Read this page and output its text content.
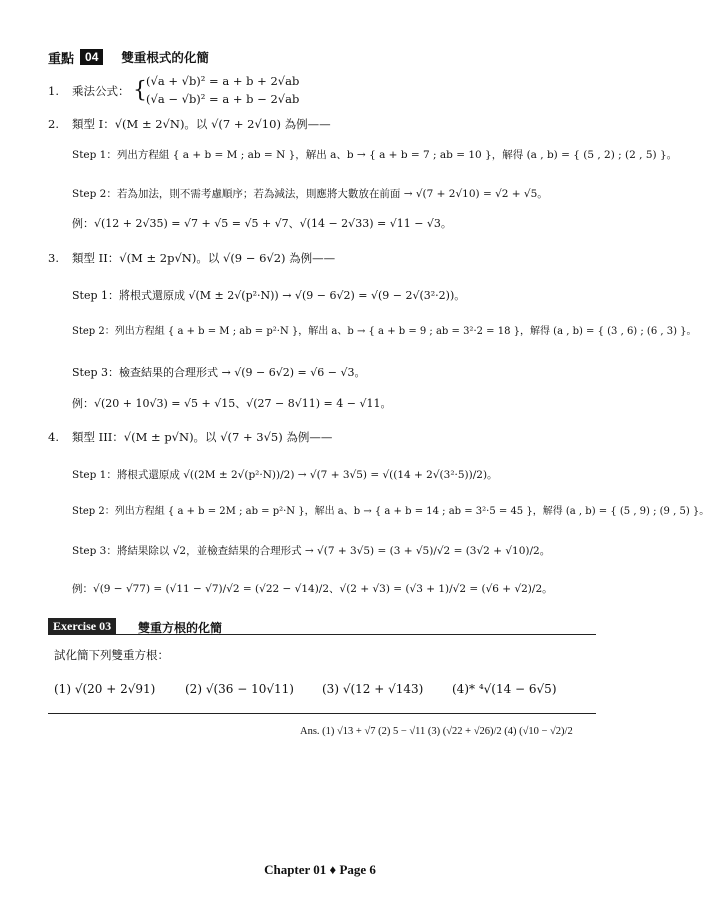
重點 04	雙重根式的化簡
1. 乘法公式： { (√a + √b)² = a + b + 2√ab
(√a − √b)² = a + b − 2√ab
2. 類型 I：√(M ± 2√N)。以 √(7 + 2√10) 為例——
Step 1：列出方程組 { a + b = M ; ab = N }，解出 a、b → { a + b = 7 ; ab = 10 }，解得 (a , b) = { (5 , 2) ; (2 , 5) }。
Step 2：若為加法，則不需考慮順序；若為減法，則應將大數放在前面 → √(7 + 2√10) = √2 + √5。
例：√(12 + 2√35) = √7 + √5 = √5 + √7、√(14 − 2√33) = √11 − √3。
3. 類型 II：√(M ± 2p√N)。以 √(9 − 6√2) 為例——
Step 1：將根式還原成 √(M ± 2√(p²·N)) → √(9 − 6√2) = √(9 − 2√(3²·2))。
Step 2：列出方程組 { a + b = M ; ab = p²·N }，解出 a、b → { a + b = 9 ; ab = 3²·2 = 18 }，解得 (a , b) = { (3 , 6) ; (6 , 3) }。
Step 3：檢查結果的合理形式 → √(9 − 6√2) = √6 − √3。
例：√(20 + 10√3) = √5 + √15、√(27 − 8√11) = 4 − √11。
4. 類型 III：√(M ± p√N)。以 √(7 + 3√5) 為例——
Step 1：將根式還原成 √((2M ± 2√(p²·N))/2) → √(7 + 3√5) = √((14 + 2√(3²·5))/2)。
Step 2：列出方程組 { a + b = 2M ; ab = p²·N }，解出 a、b → { a + b = 14 ; ab = 3²·5 = 45 }，解得 (a , b) = { (5 , 9) ; (9 , 5) }。
Step 3：將結果除以 √2，並檢查結果的合理形式 → √(7 + 3√5) = (3 + √5)/√2 = (3√2 + √10)/2。
例：√(9 − √77) = (√11 − √7)/√2 = (√22 − √14)/2、√(2 + √3) = (√3 + 1)/√2 = (√6 + √2)/2。
Exercise 03	雙重方根的化簡
試化簡下列雙重方根：
(1) √(20 + 2√91) (2) √(36 − 10√11) (3) √(12 + √143) (4)* ⁴√(14 − 6√5)
Ans. (1) √13 + √7 (2) 5 − √11 (3) (√22 + √26)/2 (4) (√10 − √2)/2
Chapter 01 ♦ Page 6
